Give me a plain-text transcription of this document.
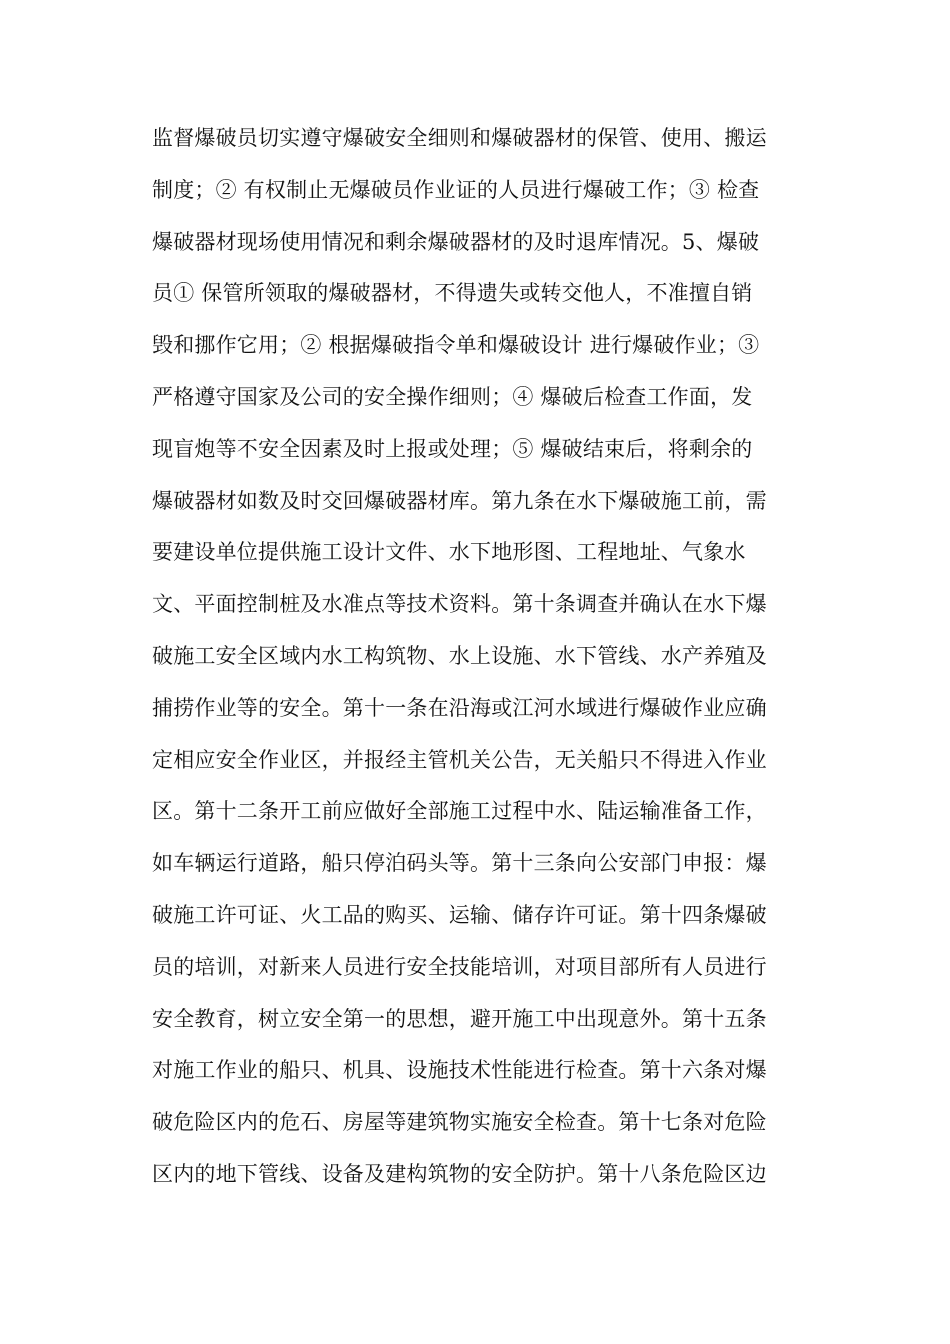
监督爆破员切实遵守爆破安全细则和爆破器材的保管、使用、搬运
制度；② 有权制止无爆破员作业证的人员进行爆破工作；③ 检查
爆破器材现场使用情况和剩余爆破器材的及时退库情况。5、爆破
员① 保管所领取的爆破器材，不得遗失或转交他人，不准擅自销
毁和挪作它用；② 根据爆破指令单和爆破设计 进行爆破作业；③
严格遵守国家及公司的安全操作细则；④ 爆破后检查工作面，发
现盲炮等不安全因素及时上报或处理；⑤ 爆破结束后，将剩余的
爆破器材如数及时交回爆破器材库。第九条在水下爆破施工前，需
要建设单位提供施工设计文件、水下地形图、工程地址、气象水
文、平面控制桩及水准点等技术资料。第十条调查并确认在水下爆
破施工安全区域内水工构筑物、水上设施、水下管线、水产养殖及
捕捞作业等的安全。第十一条在沿海或江河水域进行爆破作业应确
定相应安全作业区，并报经主管机关公告，无关船只不得进入作业
区。第十二条开工前应做好全部施工过程中水、陆运输准备工作，
如车辆运行道路，船只停泊码头等。第十三条向公安部门申报：爆
破施工许可证、火工品的购买、运输、储存许可证。第十四条爆破
员的培训，对新来人员进行安全技能培训，对项目部所有人员进行
安全教育，树立安全第一的思想，避开施工中出现意外。第十五条
对施工作业的船只、机具、设施技术性能进行检查。第十六条对爆
破危险区内的危石、房屋等建筑物实施安全检查。第十七条对危险
区内的地下管线、设备及建构筑物的安全防护。第十八条危险区边
